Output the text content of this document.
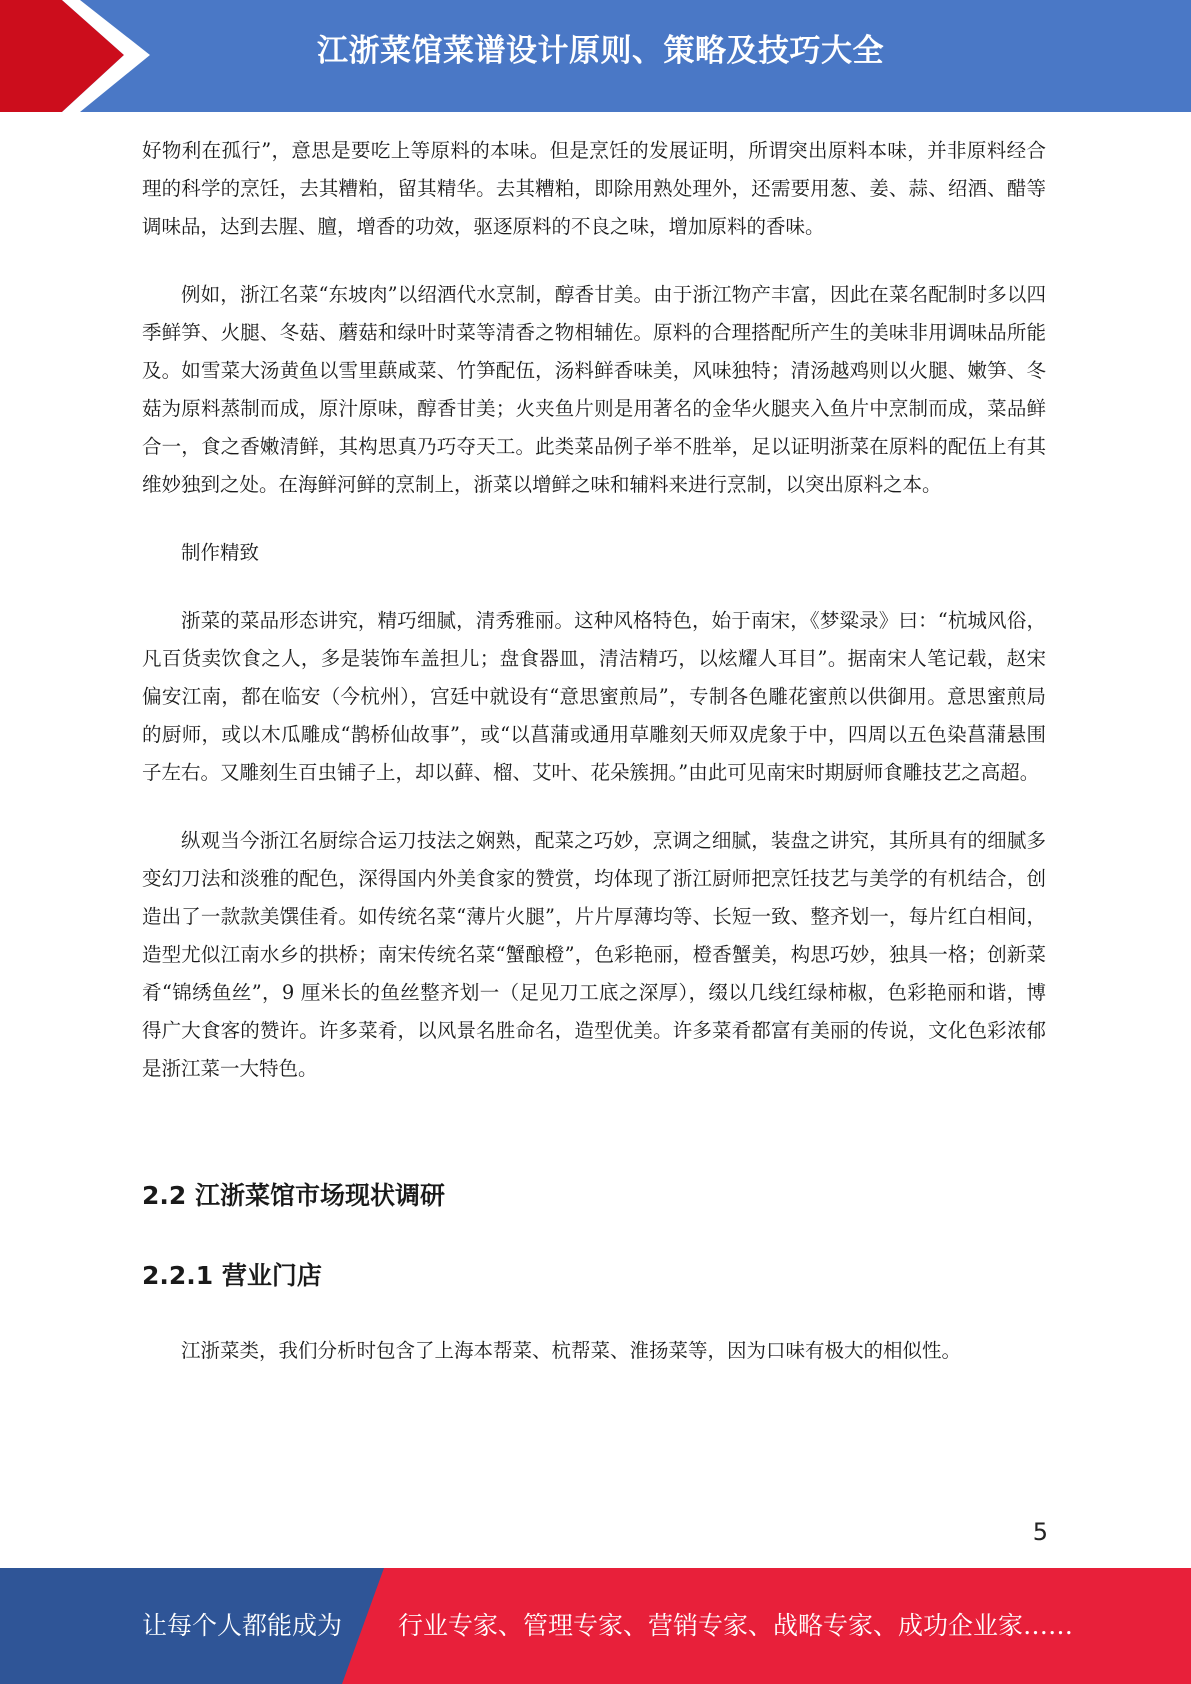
江浙菜馆菜谱设计原则、策略及技巧大全

好物利在孤行”，意思是要吃上等原料的本味。但是烹饪的发展证明，所谓突出原料本味，并非原料经合理的科学的烹饪，去其糟粕，留其精华。去其糟粕，即除用熟处理外，还需要用葱、姜、蒜、绍酒、醋等调味品，达到去腥、膻，增香的功效，驱逐原料的不良之味，增加原料的香味。

例如，浙江名菜“东坡肉”以绍酒代水烹制，醇香甘美。由于浙江物产丰富，因此在菜名配制时多以四季鲜笋、火腿、冬菇、蘑菇和绿叶时菜等清香之物相辅佐。原料的合理搭配所产生的美味非用调味品所能及。如雪菜大汤黄鱼以雪里蕻咸菜、竹笋配伍，汤料鲜香味美，风味独特；清汤越鸡则以火腿、嫩笋、冬菇为原料蒸制而成，原汁原味，醇香甘美；火夹鱼片则是用著名的金华火腿夹入鱼片中烹制而成，菜品鲜合一，食之香嫩清鲜，其构思真乃巧夺天工。此类菜品例子举不胜举，足以证明浙菜在原料的配伍上有其维妙独到之处。在海鲜河鲜的烹制上，浙菜以增鲜之味和辅料来进行烹制，以突出原料之本。

制作精致

浙菜的菜品形态讲究，精巧细腻，清秀雅丽。这种风格特色，始于南宋，《梦粱录》曰：“杭城风俗，凡百货卖饮食之人，多是装饰车盖担儿；盘食器皿，清洁精巧，以炫耀人耳目”。据南宋人笔记载，赵宋偏安江南，都在临安（今杭州），宫廷中就设有“意思蜜煎局”，专制各色雕花蜜煎以供御用。意思蜜煎局的厨师，或以木瓜雕成“鹊桥仙故事”，或“以菖蒲或通用草雕刻天师双虎象于中，四周以五色染菖蒲悬围子左右。又雕刻生百虫铺子上，却以藓、榴、艾叶、花朵簇拥。”由此可见南宋时期厨师食雕技艺之高超。

纵观当今浙江名厨综合运刀技法之娴熟，配菜之巧妙，烹调之细腻，装盘之讲究，其所具有的细腻多变幻刀法和淡雅的配色，深得国内外美食家的赞赏，均体现了浙江厨师把烹饪技艺与美学的有机结合，创造出了一款款美馔佳肴。如传统名菜“薄片火腿”，片片厚薄均等、长短一致、整齐划一，每片红白相间，造型尤似江南水乡的拱桥；南宋传统名菜“蟹酿橙”，色彩艳丽，橙香蟹美，构思巧妙，独具一格；创新菜肴“锦绣鱼丝”，9 厘米长的鱼丝整齐划一（足见刀工底之深厚），缀以几线红绿柿椒，色彩艳丽和谐，博得广大食客的赞许。许多菜肴，以风景名胜命名，造型优美。许多菜肴都富有美丽的传说，文化色彩浓郁是浙江菜一大特色。

2.2 江浙菜馆市场现状调研
2.2.1 营业门店

江浙菜类，我们分析时包含了上海本帮菜、杭帮菜、淮扬菜等，因为口味有极大的相似性。

5
让每个人都能成为 行业专家、管理专家、营销专家、战略专家、成功企业家……
